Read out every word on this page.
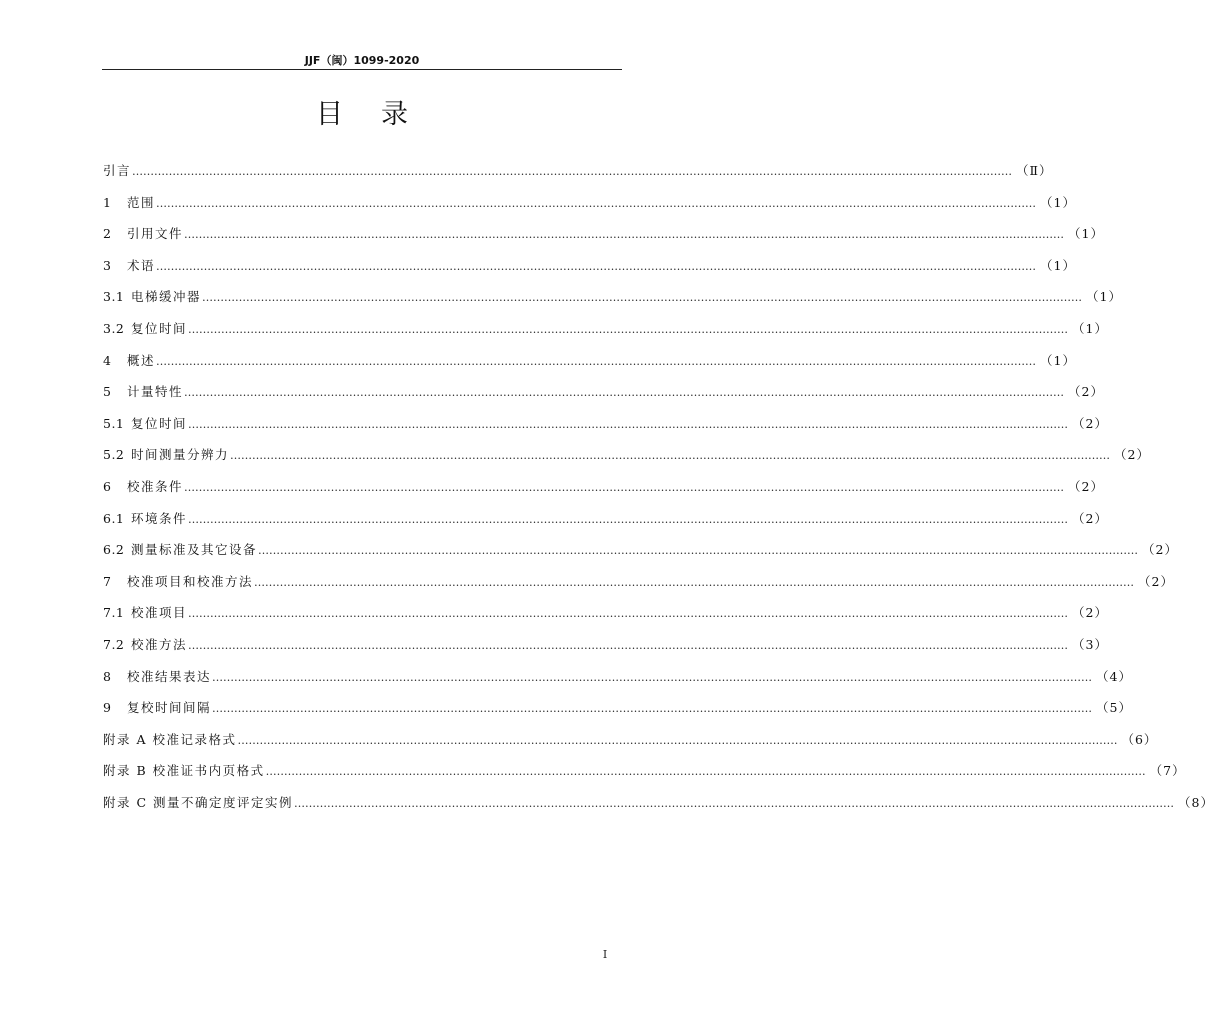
JJF（闽）1099-2020
目录
引言 …………………………………………………………………………………………………………………………………………………………………………………………………………………… （Ⅱ）
1	范围 …………………………………………………………………………………………………………………………………………………………………………………………………………………… （1）
2	引用文件 …………………………………………………………………………………………………………………………………………………………………………………………………………………… （1）
3	术语 …………………………………………………………………………………………………………………………………………………………………………………………………………………… （1）
3.1 电梯缓冲器 …………………………………………………………………………………………………………………………………………………………………………………………………………………… （1）
3.2 复位时间 …………………………………………………………………………………………………………………………………………………………………………………………………………………… （1）
4	概述 …………………………………………………………………………………………………………………………………………………………………………………………………………………… （1）
5	计量特性 …………………………………………………………………………………………………………………………………………………………………………………………………………………… （2）
5.1 复位时间 …………………………………………………………………………………………………………………………………………………………………………………………………………………… （2）
5.2 时间测量分辨力 …………………………………………………………………………………………………………………………………………………………………………………………………………………… （2）
6	校准条件 …………………………………………………………………………………………………………………………………………………………………………………………………………………… （2）
6.1 环境条件 …………………………………………………………………………………………………………………………………………………………………………………………………………………… （2）
6.2 测量标准及其它设备 …………………………………………………………………………………………………………………………………………………………………………………………………………………… （2）
7	校准项目和校准方法 …………………………………………………………………………………………………………………………………………………………………………………………………………………… （2）
7.1 校准项目 …………………………………………………………………………………………………………………………………………………………………………………………………………………… （2）
7.2 校准方法 …………………………………………………………………………………………………………………………………………………………………………………………………………………… （3）
8	校准结果表达 …………………………………………………………………………………………………………………………………………………………………………………………………………………… （4）
9	复校时间间隔 …………………………………………………………………………………………………………………………………………………………………………………………………………………… （5）
附录 A 校准记录格式 …………………………………………………………………………………………………………………………………………………………………………………………………………………… （6）
附录 B 校准证书内页格式 …………………………………………………………………………………………………………………………………………………………………………………………………………………… （7）
附录 C 测量不确定度评定实例 …………………………………………………………………………………………………………………………………………………………………………………………………………………… （8）
Ⅰ
